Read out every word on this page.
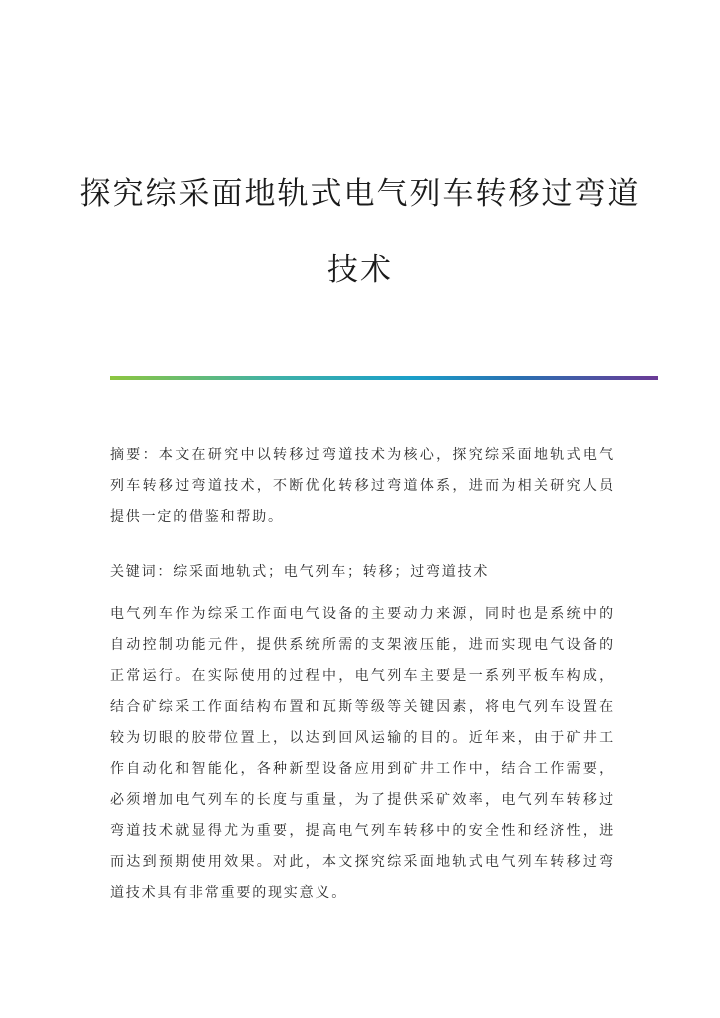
探究综采面地轨式电气列车转移过弯道
技术

摘要：本文在研究中以转移过弯道技术为核心，探究综采面地轨式电气列车转移过弯道技术，不断优化转移过弯道体系，进而为相关研究人员提供一定的借鉴和帮助。

关键词：综采面地轨式；电气列车；转移；过弯道技术

电气列车作为综采工作面电气设备的主要动力来源，同时也是系统中的自动控制功能元件，提供系统所需的支架液压能，进而实现电气设备的正常运行。在实际使用的过程中，电气列车主要是一系列平板车构成，结合矿综采工作面结构布置和瓦斯等级等关键因素，将电气列车设置在较为切眼的胶带位置上，以达到回风运输的目的。近年来，由于矿井工作自动化和智能化，各种新型设备应用到矿井工作中，结合工作需要，必须增加电气列车的长度与重量，为了提供采矿效率，电气列车转移过弯道技术就显得尤为重要，提高电气列车转移中的安全性和经济性，进而达到预期使用效果。对此，本文探究综采面地轨式电气列车转移过弯道技术具有非常重要的现实意义。
